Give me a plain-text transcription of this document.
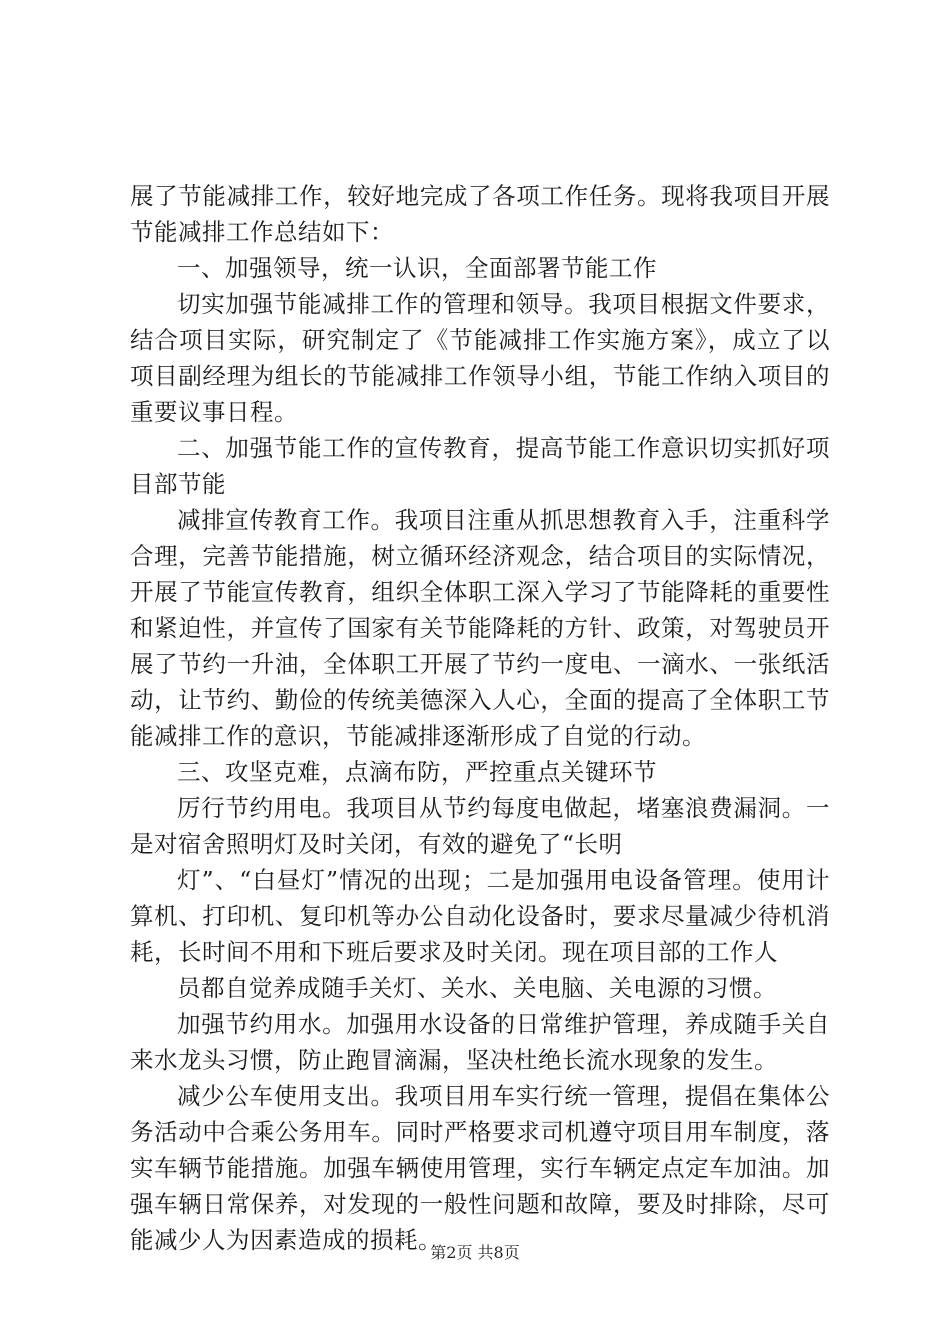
展了节能减排工作，较好地完成了各项工作任务。现将我项目开展节能减排工作总结如下：

一、加强领导，统一认识，全面部署节能工作

切实加强节能减排工作的管理和领导。我项目根据文件要求，结合项目实际，研究制定了《节能减排工作实施方案》，成立了以项目副经理为组长的节能减排工作领导小组，节能工作纳入项目的重要议事日程。

二、加强节能工作的宣传教育，提高节能工作意识切实抓好项目部节能

减排宣传教育工作。我项目注重从抓思想教育入手，注重科学合理，完善节能措施，树立循环经济观念，结合项目的实际情况，开展了节能宣传教育，组织全体职工深入学习了节能降耗的重要性和紧迫性，并宣传了国家有关节能降耗的方针、政策，对驾驶员开展了节约一升油，全体职工开展了节约一度电、一滴水、一张纸活动，让节约、勤俭的传统美德深入人心，全面的提高了全体职工节能减排工作的意识，节能减排逐渐形成了自觉的行动。

三、攻坚克难，点滴布防，严控重点关键环节

厉行节约用电。我项目从节约每度电做起，堵塞浪费漏洞。一是对宿舍照明灯及时关闭，有效的避免了“长明

灯”、“白昼灯”情况的出现；二是加强用电设备管理。使用计算机、打印机、复印机等办公自动化设备时，要求尽量减少待机消耗，长时间不用和下班后要求及时关闭。现在项目部的工作人

员都自觉养成随手关灯、关水、关电脑、关电源的习惯。

加强节约用水。加强用水设备的日常维护管理，养成随手关自来水龙头习惯，防止跑冒滴漏，坚决杜绝长流水现象的发生。

减少公车使用支出。我项目用车实行统一管理，提倡在集体公务活动中合乘公务用车。同时严格要求司机遵守项目用车制度，落实车辆节能措施。加强车辆使用管理，实行车辆定点定车加油。加强车辆日常保养，对发现的一般性问题和故障，要及时排除，尽可能减少人为因素造成的损耗。

第2页 共8页
